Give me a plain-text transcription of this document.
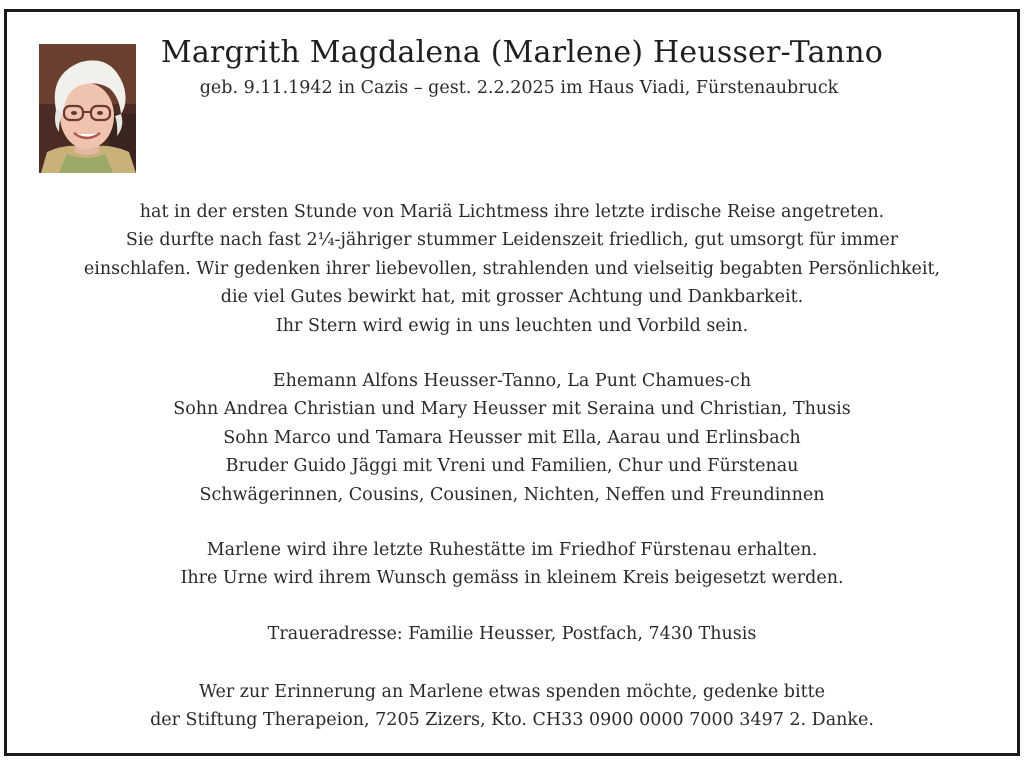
Margrith Magdalena (Marlene) Heusser-Tanno
geb. 9.11.1942 in Cazis – gest. 2.2.2025 im Haus Viadi, Fürstenaubruck
hat in der ersten Stunde von Mariä Lichtmess ihre letzte irdische Reise angetreten.
Sie durfte nach fast 2¼-jähriger stummer Leidenszeit friedlich, gut umsorgt für immer
einschlafen. Wir gedenken ihrer liebevollen, strahlenden und vielseitig begabten Persönlichkeit,
die viel Gutes bewirkt hat, mit grosser Achtung und Dankbarkeit.
Ihr Stern wird ewig in uns leuchten und Vorbild sein.
Ehemann Alfons Heusser-Tanno, La Punt Chamues-ch
Sohn Andrea Christian und Mary Heusser mit Seraina und Christian, Thusis
Sohn Marco und Tamara Heusser mit Ella, Aarau und Erlinsbach
Bruder Guido Jäggi mit Vreni und Familien, Chur und Fürstenau
Schwägerinnen, Cousins, Cousinen, Nichten, Neffen und Freundinnen
Marlene wird ihre letzte Ruhestätte im Friedhof Fürstenau erhalten.
Ihre Urne wird ihrem Wunsch gemäss in kleinem Kreis beigesetzt werden.
Traueradresse: Familie Heusser, Postfach, 7430 Thusis
Wer zur Erinnerung an Marlene etwas spenden möchte, gedenke bitte
der Stiftung Therapeion, 7205 Zizers, Kto. CH33 0900 0000 7000 3497 2. Danke.
